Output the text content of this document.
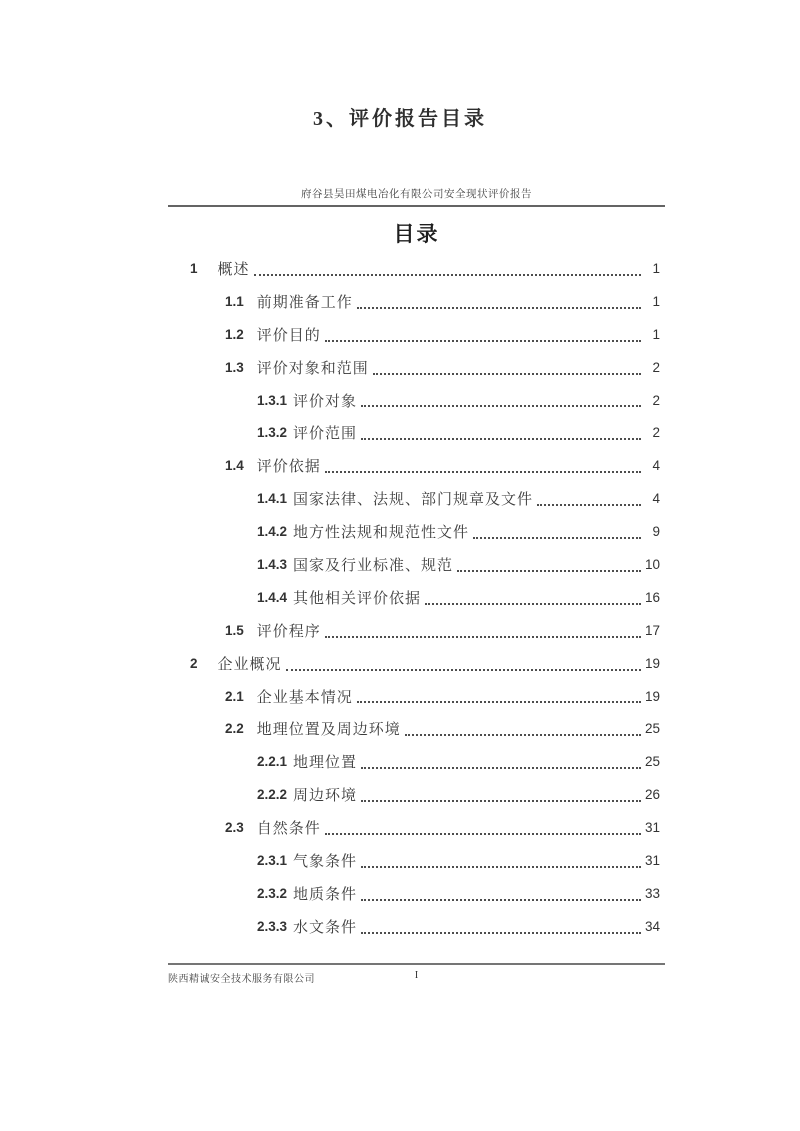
3、评价报告目录
府谷县昊田煤电冶化有限公司安全现状评价报告
目录
1 概述	1
1.1 前期准备工作	1
1.2 评价目的	1
1.3 评价对象和范围	2
1.3.1 评价对象	2
1.3.2 评价范围	2
1.4 评价依据	4
1.4.1 国家法律、法规、部门规章及文件	4
1.4.2 地方性法规和规范性文件	9
1.4.3 国家及行业标准、规范	10
1.4.4 其他相关评价依据	16
1.5 评价程序	17
2 企业概况	19
2.1 企业基本情况	19
2.2 地理位置及周边环境	25
2.2.1 地理位置	25
2.2.2 周边环境	26
2.3 自然条件	31
2.3.1 气象条件	31
2.3.2 地质条件	33
2.3.3 水文条件	34
陕西精诚安全技术服务有限公司	I
